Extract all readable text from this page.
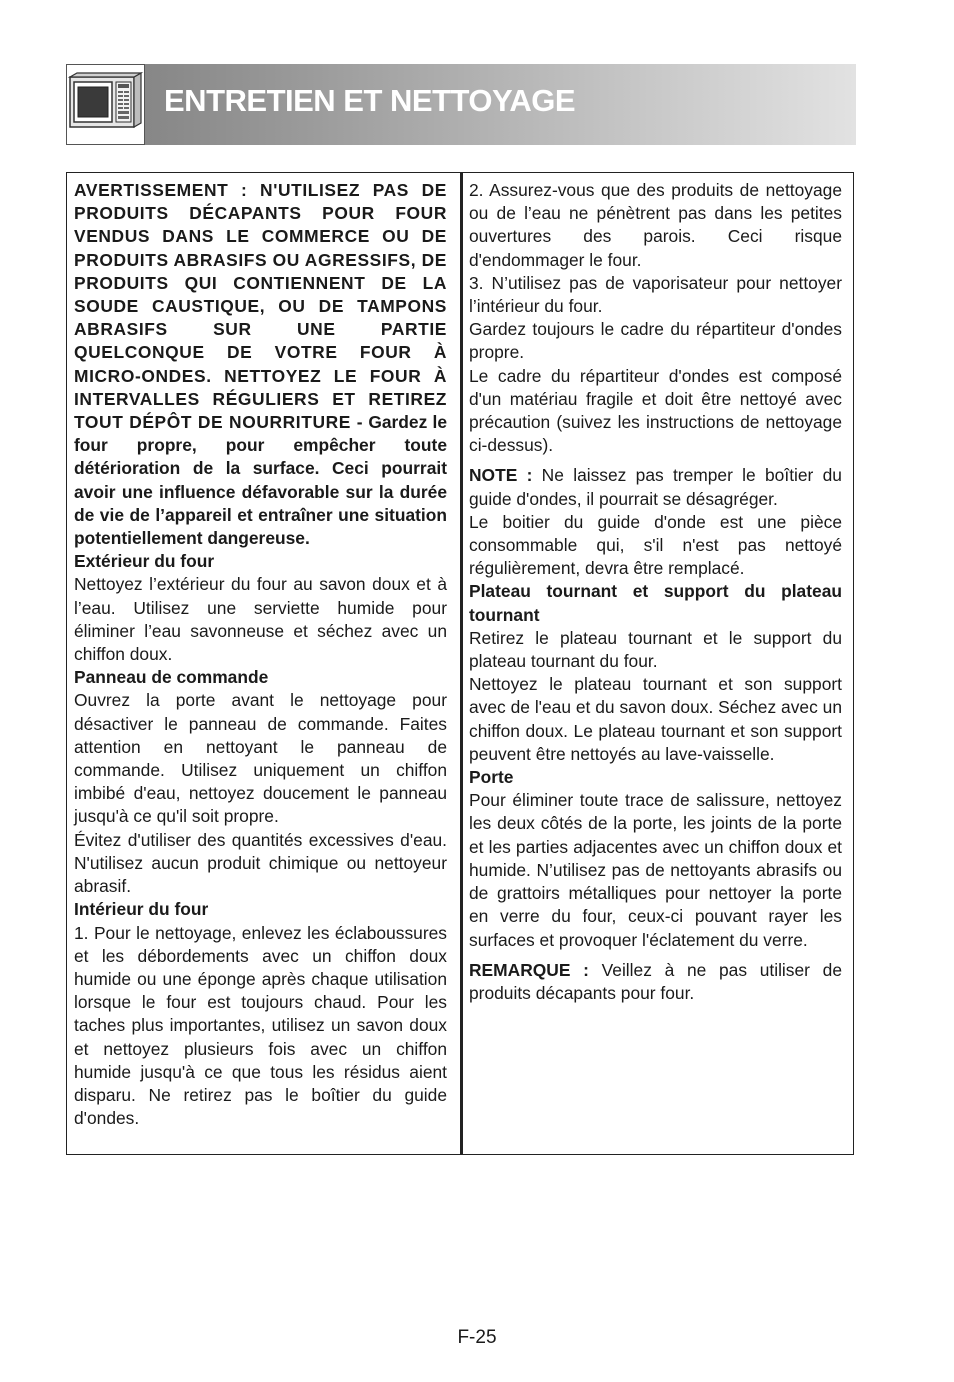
ENTRETIEN ET NETTOYAGE

AVERTISSEMENT : N'UTILISEZ PAS DE PRODUITS DÉCAPANTS POUR FOUR VENDUS DANS LE COMMERCE OU DE PRODUITS ABRASIFS OU AGRESSIFS, DE PRODUITS QUI CONTIENNENT DE LA SOUDE CAUSTIQUE, OU DE TAMPONS ABRASIFS SUR UNE PARTIE QUELCONQUE DE VOTRE FOUR À MICRO-ONDES. NETTOYEZ LE FOUR À INTERVALLES RÉGULIERS ET RETIREZ TOUT DÉPÔT DE NOURRITURE - Gardez le four propre, pour empêcher toute détérioration de la surface. Ceci pourrait avoir une influence défavorable sur la durée de vie de l’appareil et entraîner une situation potentiellement dangereuse.

Extérieur du four

Nettoyez l’extérieur du four au savon doux et à l’eau. Utilisez une serviette humide pour éliminer l’eau savonneuse et séchez avec un chiffon doux.

Panneau de commande

Ouvrez la porte avant le nettoyage pour désactiver le panneau de commande. Faites attention en nettoyant le panneau de commande. Utilisez uniquement un chiffon imbibé d'eau, nettoyez doucement le panneau jusqu'à ce qu'il soit propre.

Évitez d'utiliser des quantités excessives d'eau. N'utilisez aucun produit chimique ou nettoyeur abrasif.

Intérieur du four

1. Pour le nettoyage, enlevez les éclaboussures et les débordements avec un chiffon doux humide ou une éponge après chaque utilisation lorsque le four est toujours chaud. Pour les taches plus importantes, utilisez un savon doux et nettoyez plusieurs fois avec un chiffon humide jusqu'à ce que tous les résidus aient disparu. Ne retirez pas le boîtier du guide d'ondes.

2. Assurez-vous que des produits de nettoyage ou de l’eau ne pénètrent pas dans les petites ouvertures des parois. Ceci risque d'endommager le four.

3. N’utilisez pas de vaporisateur pour nettoyer l’intérieur du four.

Gardez toujours le cadre du répartiteur d'ondes propre.

Le cadre du répartiteur d'ondes est composé d'un matériau fragile et doit être nettoyé avec précaution (suivez les instructions de nettoyage ci-dessus).

NOTE : Ne laissez pas tremper le boîtier du guide d'ondes, il pourrait se désagréger.

Le boitier du guide d'onde est une pièce consommable qui, s'il n'est pas nettoyé régulièrement, devra être remplacé.

Plateau tournant et support du plateau tournant

Retirez le plateau tournant et le support du plateau tournant du four.

Nettoyez le plateau tournant et son support avec de l'eau et du savon doux. Séchez avec un chiffon doux. Le plateau tournant et son support peuvent être nettoyés au lave-vaisselle.

Porte

Pour éliminer toute trace de salissure, nettoyez les deux côtés de la porte, les joints de la porte et les parties adjacentes avec un chiffon doux et humide. N’utilisez pas de nettoyants abrasifs ou de grattoirs métalliques pour nettoyer la porte en verre du four, ceux-ci pouvant rayer les surfaces et provoquer l'éclatement du verre.

REMARQUE : Veillez à ne pas utiliser de produits décapants pour four.

F-25
